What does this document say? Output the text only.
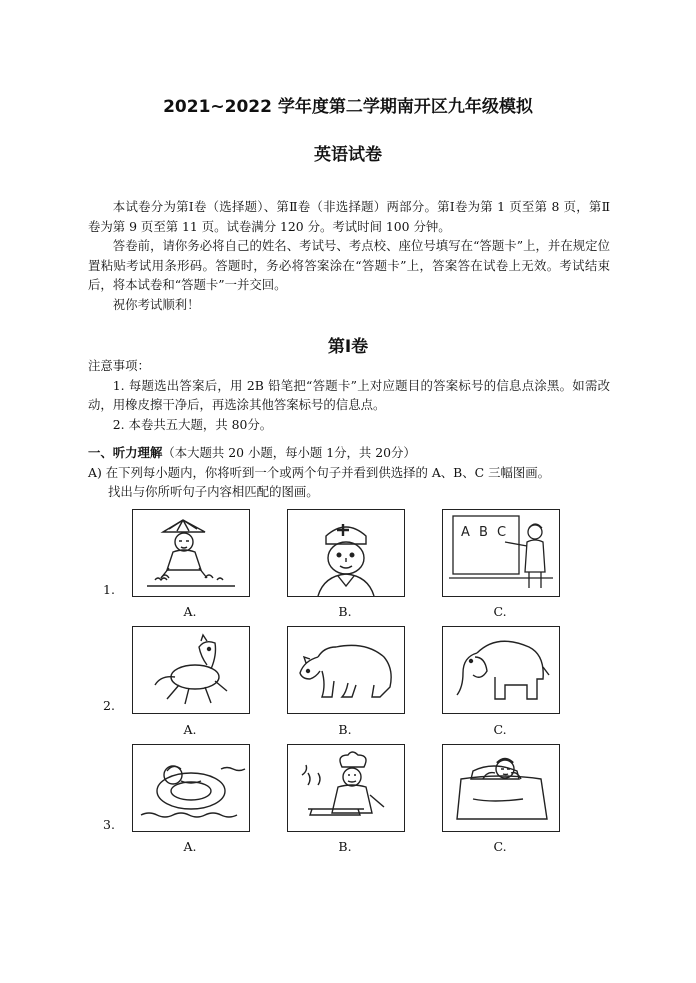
2021~2022 学年度第二学期南开区九年级模拟
英语试卷

本试卷分为第Ⅰ卷（选择题）、第Ⅱ卷（非选择题）两部分。第Ⅰ卷为第 1 页至第 8 页，第Ⅱ卷为第 9 页至第 11 页。试卷满分 120 分。考试时间 100 分钟。

答卷前，请你务必将自己的姓名、考试号、考点校、座位号填写在“答题卡”上，并在规定位置粘贴考试用条形码。答题时，务必将答案涂在“答题卡”上，答案答在试卷上无效。考试结束后，将本试卷和“答题卡”一并交回。

祝你考试顺利！

第Ⅰ卷

注意事项：

1. 每题选出答案后，用 2B 铅笔把“答题卡”上对应题目的答案标号的信息点涂黑。如需改动，用橡皮擦干净后，再选涂其他答案标号的信息点。

2. 本卷共五大题，共 80分。

一、听力理解（本大题共 20 小题，每小题 1分，共 20分）

A) 在下列每小题内，你将听到一个或两个句子并看到供选择的 A、B、C 三幅图画。

找出与你所听句子内容相匹配的图画。

1.
A.	B.
A B C
C.
2.
A.	B.	C.
3.
A.	B.	C.
